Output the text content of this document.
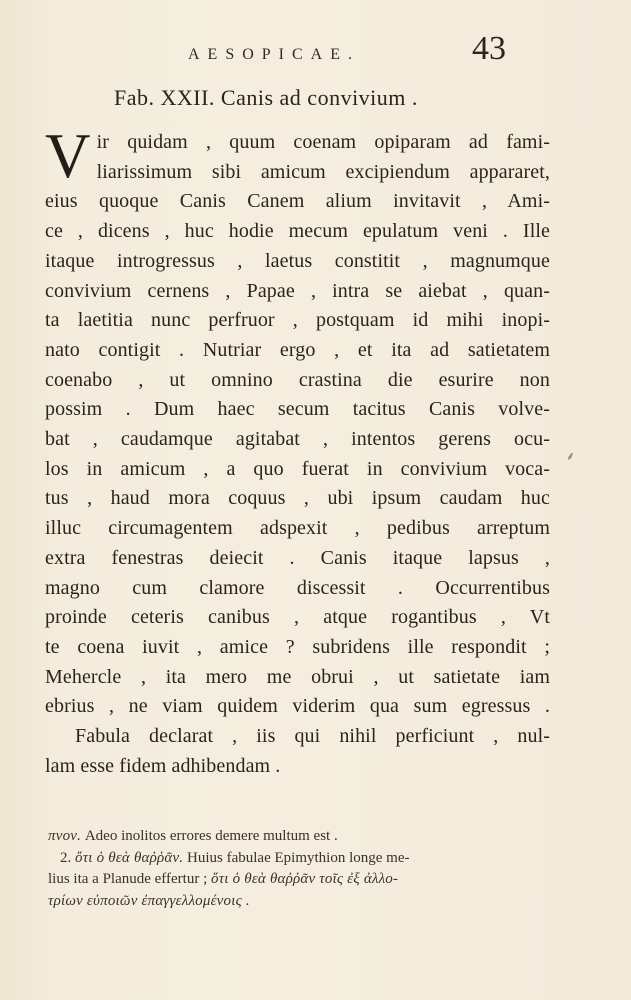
AESOPICAE.	43
Fab. XXII. Canis ad convivium .
V ir quidam , quum coenam opiparam ad fami-
liarissimum sibi amicum excipiendum appararet,
eius quoque Canis Canem alium invitavit , Ami-
ce , dicens , huc hodie mecum epulatum veni . Ille
itaque introgressus , laetus constitit , magnumque
convivium cernens , Papae , intra se aiebat , quan-
ta laetitia nunc perfruor , postquam id mihi inopi-
nato contigit . Nutriar ergo , et ita ad satietatem
coenabo , ut omnino crastina die esurire non
possim . Dum haec secum tacitus Canis volve-
bat , caudamque agitabat , intentos gerens ocu-
los in amicum , a quo fuerat in convivium voca-
tus , haud mora coquus , ubi ipsum caudam huc
illuc circumagentem adspexit , pedibus arreptum
extra fenestras deiecit . Canis itaque lapsus ,
magno cum clamore discessit . Occurrentibus
proinde ceteris canibus , atque rogantibus , Vt
te coena iuvit , amice ? subridens ille respondit ;
Mehercle , ita mero me obrui , ut satietate iam
ebrius , ne viam quidem viderim qua sum egressus .
Fabula declarat , iis qui nihil perficiunt , nul-
lam esse fidem adhibendam .
⸙
πνον. Adeo inolitos errores demere multum est .
2. ὅτι ὁ θεὰ θαῤῥᾶν. Huius fabulae Epimythion longe me-
lius ita a Planude effertur ; ὅτι ὁ θεὰ θαῤῥᾶν τοῖς ἐξ ἀλλο-
τρίων εὐποιῶν ἐπαγγελλομένοις .
